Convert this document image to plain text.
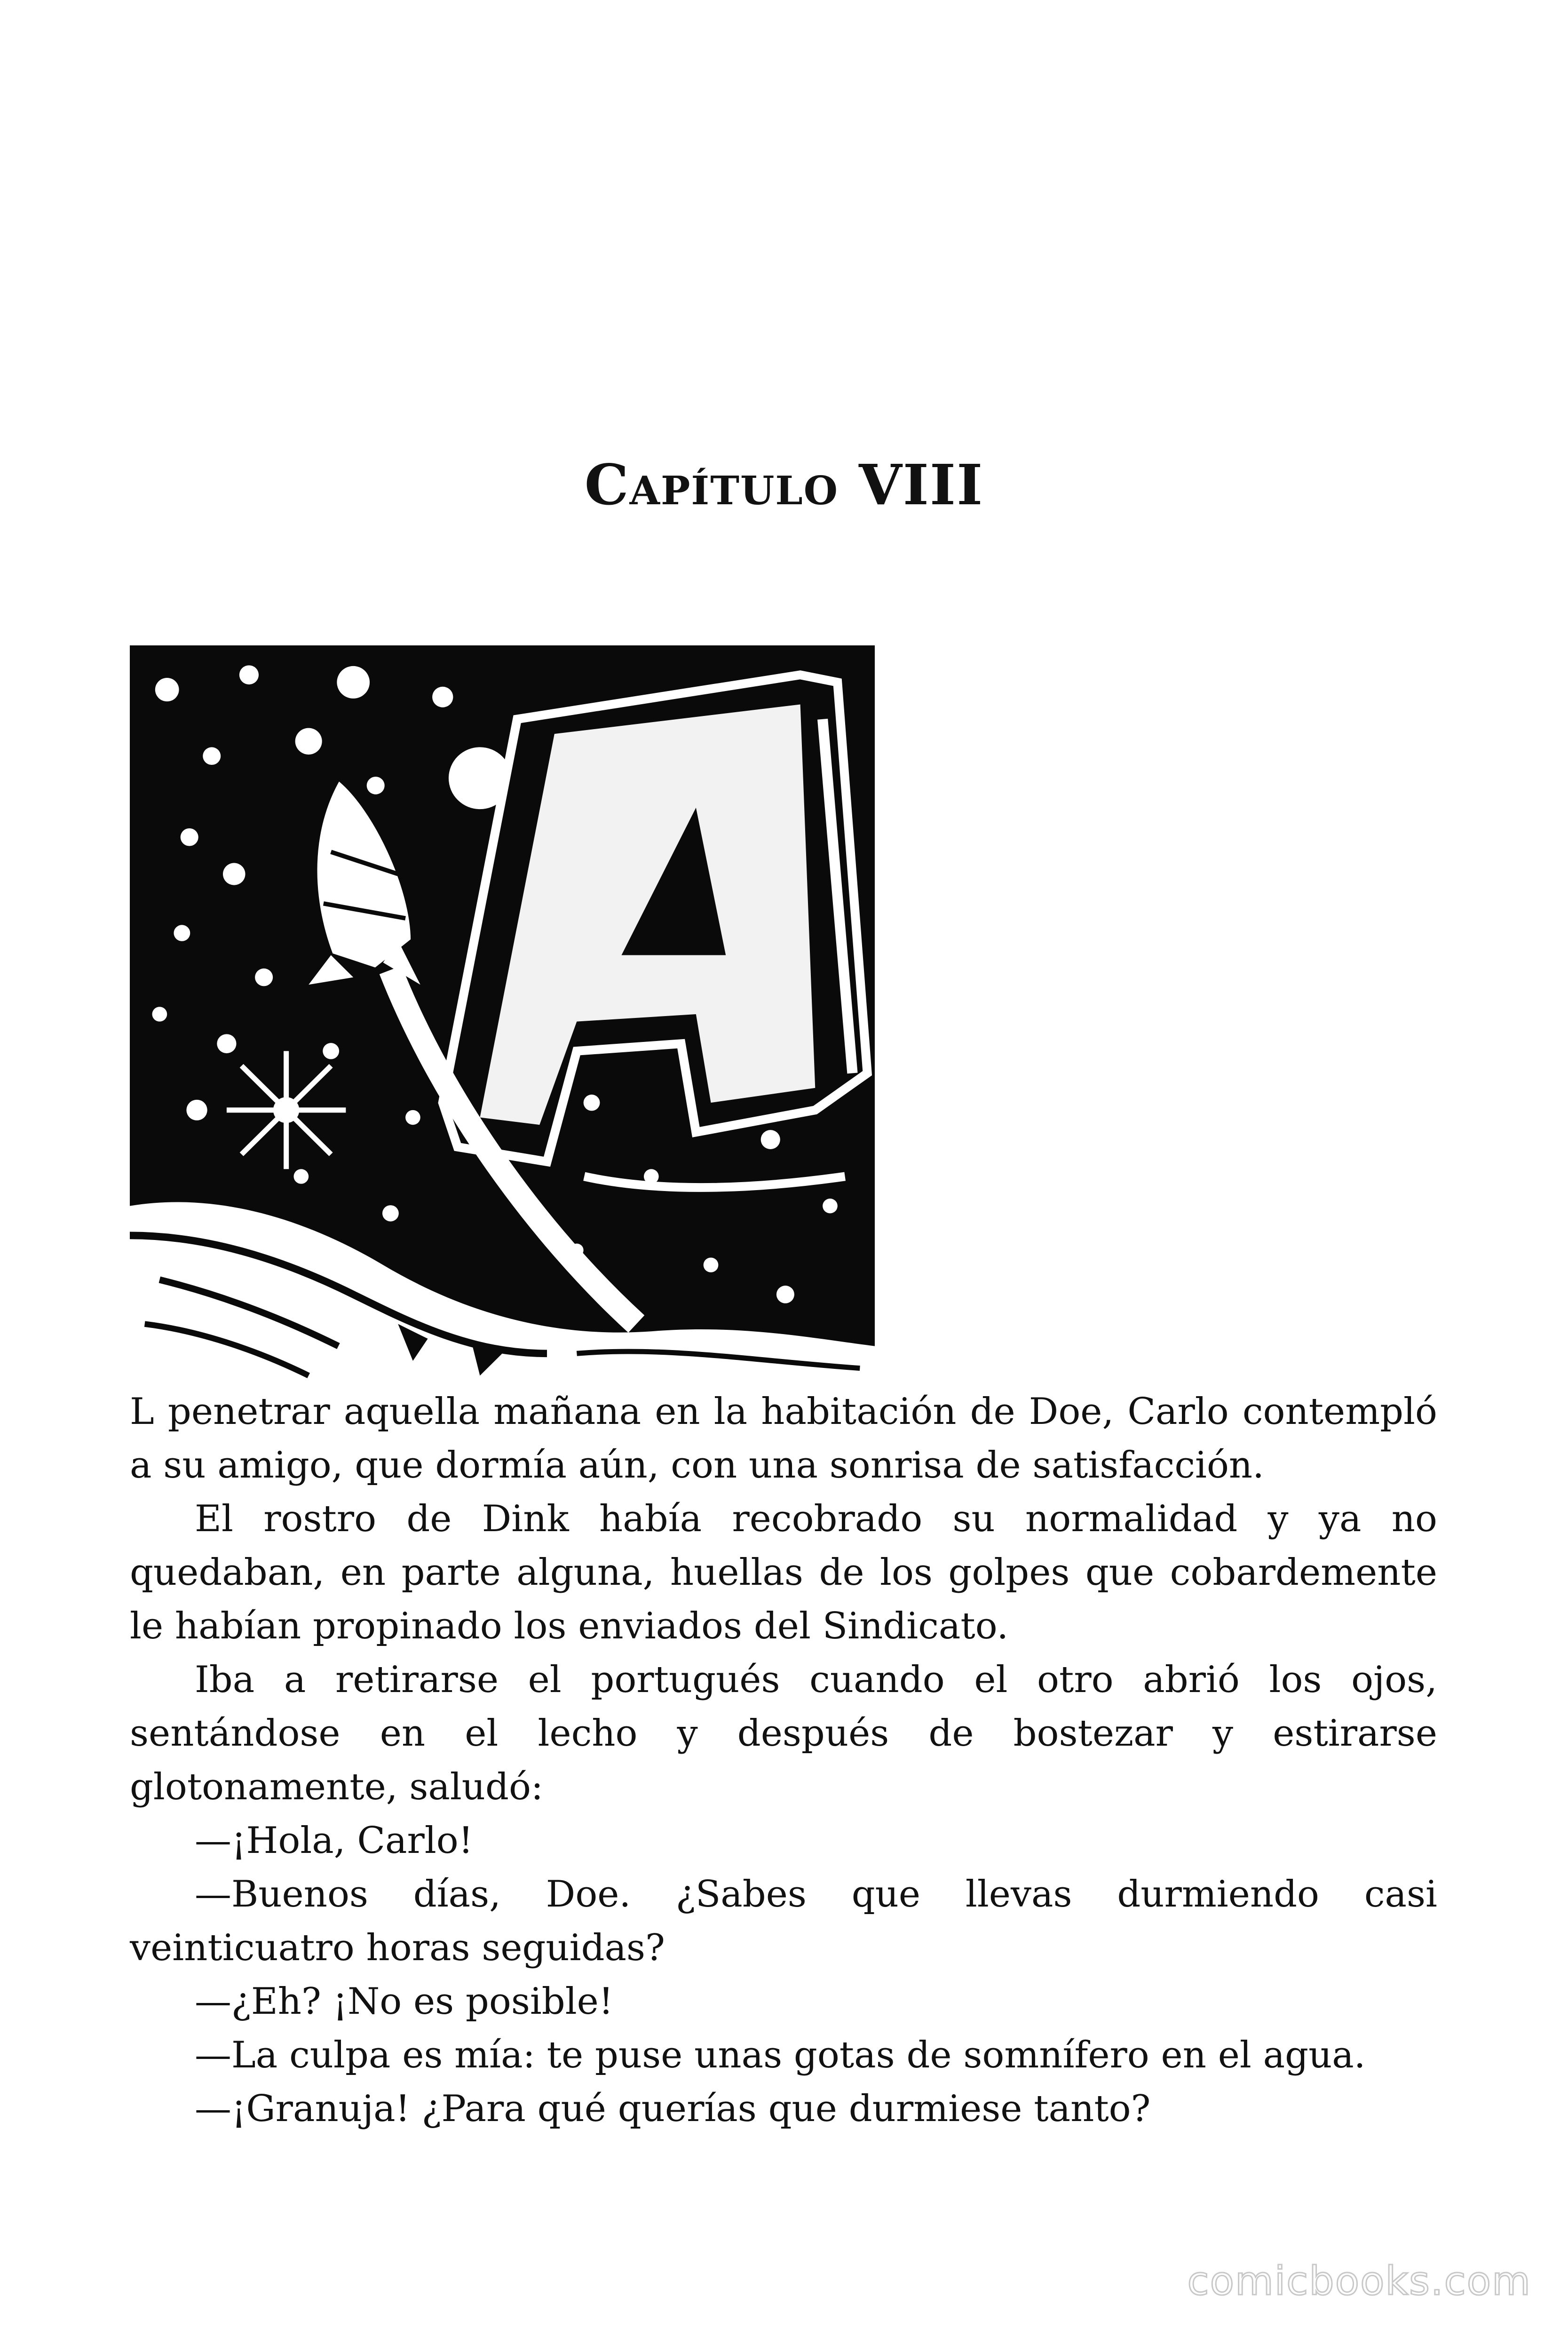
Capítulo VIII

L penetrar aquella mañana en la habitación de Doe, Carlo contempló a su amigo, que dormía aún, con una sonrisa de satisfacción.

El rostro de Dink había recobrado su normalidad y ya no quedaban, en parte alguna, huellas de los golpes que cobardemente le habían propinado los enviados del Sindicato.

Iba a retirarse el portugués cuando el otro abrió los ojos, sentándose en el lecho y después de bostezar y estirarse glotonamente, saludó:

—¡Hola, Carlo!

—Buenos días, Doe. ¿Sabes que llevas durmiendo casi veinticuatro horas seguidas?

—¿Eh? ¡No es posible!

—La culpa es mía: te puse unas gotas de somnífero en el agua.

—¡Granuja! ¿Para qué querías que durmiese tanto?

comicbooks.com
